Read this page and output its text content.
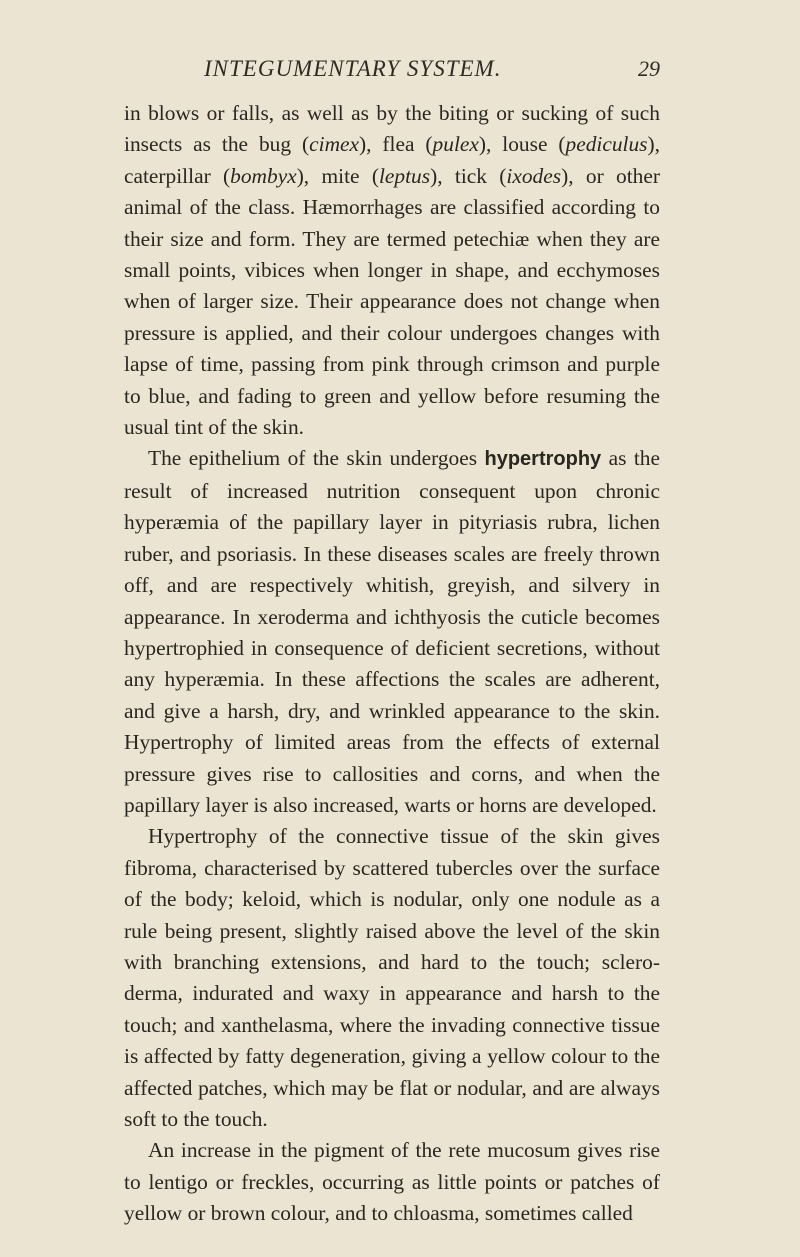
INTEGUMENTARY SYSTEM.	29

in blows or falls, as well as by the biting or sucking of such insects as the bug (cimex), flea (pulex), louse (pediculus), caterpillar (bombyx), mite (leptus), tick (ixodes), or other animal of the class. Hæmorrhages are classified according to their size and form. They are termed petechiæ when they are small points, vibices when longer in shape, and ecchymoses when of larger size. Their appearance does not change when pressure is applied, and their colour undergoes changes with lapse of time, passing from pink through crimson and purple to blue, and fading to green and yellow before resuming the usual tint of the skin.

The epithelium of the skin undergoes hypertrophy as the result of increased nutrition consequent upon chronic hyperæmia of the papillary layer in pityriasis rubra, lichen ruber, and psoriasis. In these diseases scales are freely thrown off, and are respectively whitish, greyish, and silvery in appearance. In xeroderma and ichthyosis the cuticle becomes hypertrophied in consequence of deficient secretions, without any hyperæmia. In these affections the scales are adherent, and give a harsh, dry, and wrinkled appearance to the skin. Hypertrophy of limited areas from the effects of external pressure gives rise to callosities and corns, and when the papillary layer is also increased, warts or horns are developed.

Hypertrophy of the connective tissue of the skin gives fibroma, characterised by scattered tubercles over the surface of the body; keloid, which is nodular, only one nodule as a rule being present, slightly raised above the level of the skin with branching extensions, and hard to the touch; sclero-derma, indurated and waxy in appearance and harsh to the touch; and xanthelasma, where the invading connective tissue is affected by fatty degeneration, giving a yellow colour to the affected patches, which may be flat or nodular, and are always soft to the touch.

An increase in the pigment of the rete mucosum gives rise to lentigo or freckles, occurring as little points or patches of yellow or brown colour, and to chloasma, sometimes called
